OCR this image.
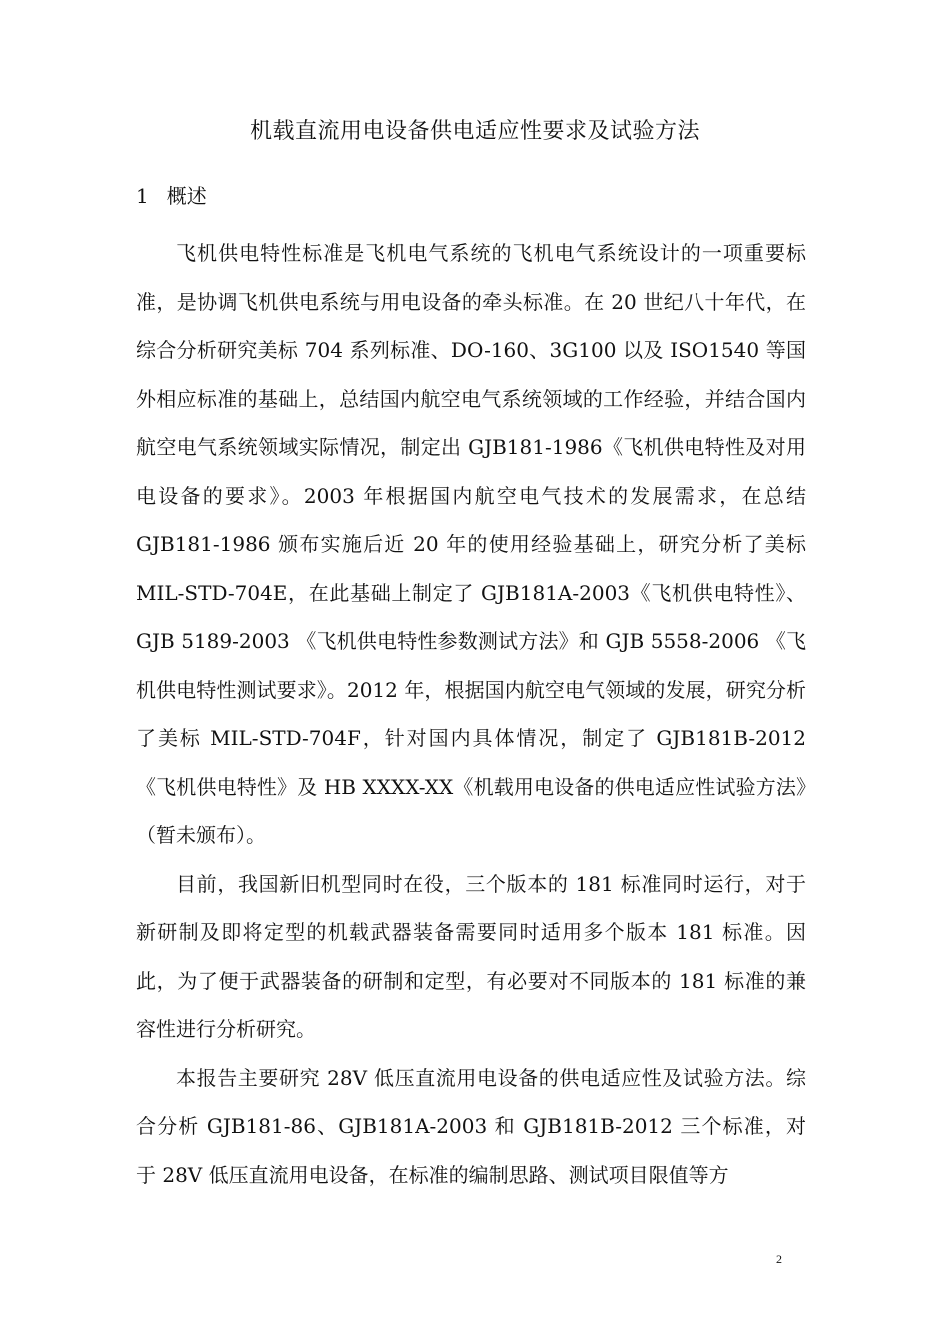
机载直流用电设备供电适应性要求及试验方法
1 概述

飞机供电特性标准是飞机电气系统的飞机电气系统设计的一项重要标准，是协调飞机供电系统与用电设备的牵头标准。在 20 世纪八十年代，在综合分析研究美标 704 系列标准、DO-160、3G100 以及 ISO1540 等国外相应标准的基础上，总结国内航空电气系统领域的工作经验，并结合国内航空电气系统领域实际情况，制定出 GJB181-1986《飞机供电特性及对用电设备的要求》。2003 年根据国内航空电气技术的发展需求，在总结 GJB181-1986 颁布实施后近 20 年的使用经验基础上，研究分析了美标 MIL-STD-704E，在此基础上制定了 GJB181A-2003《飞机供电特性》、GJB 5189-2003 《飞机供电特性参数测试方法》和 GJB 5558-2006 《飞机供电特性测试要求》。2012 年，根据国内航空电气领域的发展，研究分析了美标 MIL-STD-704F，针对国内具体情况，制定了 GJB181B-2012《飞机供电特性》及 HB XXXX-XX《机载用电设备的供电适应性试验方法》（暂未颁布）。

目前，我国新旧机型同时在役，三个版本的 181 标准同时运行，对于新研制及即将定型的机载武器装备需要同时适用多个版本 181 标准。因此，为了便于武器装备的研制和定型，有必要对不同版本的 181 标准的兼容性进行分析研究。

本报告主要研究 28V 低压直流用电设备的供电适应性及试验方法。综合分析 GJB181-86、GJB181A-2003 和 GJB181B-2012 三个标准，对于 28V 低压直流用电设备，在标准的编制思路、测试项目限值等方

2
